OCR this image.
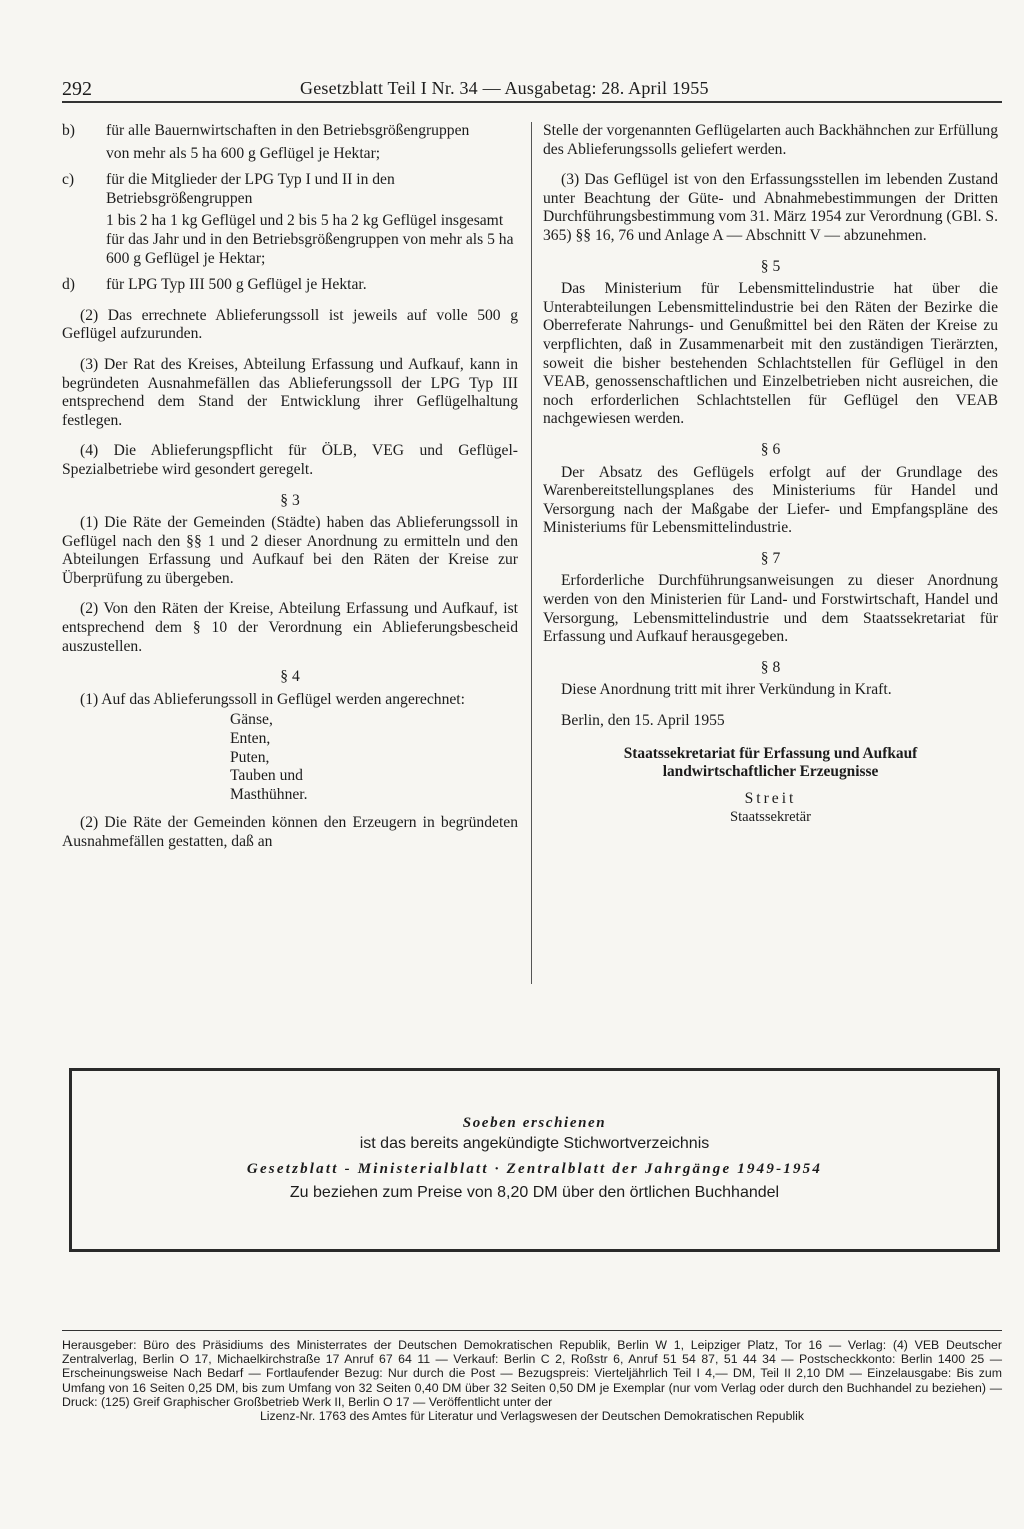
292	Gesetzblatt Teil I Nr. 34 — Ausgabetag: 28. April 1955
b)	für alle Bauernwirtschaften in den Betriebsgrößengruppen
von mehr als 5 ha 600 g Geflügel je Hektar;
c)	für die Mitglieder der LPG Typ I und II in den Betriebsgrößengruppen
1 bis 2 ha 1 kg Geflügel und 2 bis 5 ha 2 kg Geflügel insgesamt für das Jahr und in den Betriebsgrößengruppen von mehr als 5 ha 600 g Geflügel je Hektar;
d)	für LPG Typ III 500 g Geflügel je Hektar.

(2) Das errechnete Ablieferungssoll ist jeweils auf volle 500 g Geflügel aufzurunden.

(3) Der Rat des Kreises, Abteilung Erfassung und Aufkauf, kann in begründeten Ausnahmefällen das Ablieferungssoll der LPG Typ III entsprechend dem Stand der Entwicklung ihrer Geflügelhaltung festlegen.

(4) Die Ablieferungspflicht für ÖLB, VEG und Geflügel-Spezialbetriebe wird gesondert geregelt.

§ 3

(1) Die Räte der Gemeinden (Städte) haben das Ablieferungssoll in Geflügel nach den §§ 1 und 2 dieser Anordnung zu ermitteln und den Abteilungen Erfassung und Aufkauf bei den Räten der Kreise zur Überprüfung zu übergeben.

(2) Von den Räten der Kreise, Abteilung Erfassung und Aufkauf, ist entsprechend dem § 10 der Verordnung ein Ablieferungsbescheid auszustellen.

§ 4

(1) Auf das Ablieferungssoll in Geflügel werden angerechnet:

Gänse,
Enten,
Puten,
Tauben und
Masthühner.

(2) Die Räte der Gemeinden können den Erzeugern in begründeten Ausnahmefällen gestatten, daß an

Stelle der vorgenannten Geflügelarten auch Backhähnchen zur Erfüllung des Ablieferungssolls geliefert werden.

(3) Das Geflügel ist von den Erfassungsstellen im lebenden Zustand unter Beachtung der Güte- und Abnahmebestimmungen der Dritten Durchführungsbestimmung vom 31. März 1954 zur Verordnung (GBl. S. 365) §§ 16, 76 und Anlage A — Abschnitt V — abzunehmen.

§ 5

Das Ministerium für Lebensmittelindustrie hat über die Unterabteilungen Lebensmittelindustrie bei den Räten der Bezirke die Oberreferate Nahrungs- und Genußmittel bei den Räten der Kreise zu verpflichten, daß in Zusammenarbeit mit den zuständigen Tierärzten, soweit die bisher bestehenden Schlachtstellen für Geflügel in den VEAB, genossenschaftlichen und Einzelbetrieben nicht ausreichen, die noch erforderlichen Schlachtstellen für Geflügel den VEAB nachgewiesen werden.

§ 6

Der Absatz des Geflügels erfolgt auf der Grundlage des Warenbereitstellungsplanes des Ministeriums für Handel und Versorgung nach der Maßgabe der Liefer- und Empfangspläne des Ministeriums für Lebensmittelindustrie.

§ 7

Erforderliche Durchführungsanweisungen zu dieser Anordnung werden von den Ministerien für Land- und Forstwirtschaft, Handel und Versorgung, Lebensmittelindustrie und dem Staatssekretariat für Erfassung und Aufkauf herausgegeben.

§ 8

Diese Anordnung tritt mit ihrer Verkündung in Kraft.

Berlin, den 15. April 1955

Staatssekretariat für Erfassung und Aufkauf
landwirtschaftlicher Erzeugnisse
Streit
Staatssekretär
Soeben erschienen
ist das bereits angekündigte Stichwortverzeichnis
Gesetzblatt - Ministerialblatt · Zentralblatt der Jahrgänge 1949-1954
Zu beziehen zum Preise von 8,20 DM über den örtlichen Buchhandel
Herausgeber: Büro des Präsidiums des Ministerrates der Deutschen Demokratischen Republik, Berlin W 1, Leipziger Platz, Tor 16 — Verlag: (4) VEB Deutscher Zentralverlag, Berlin O 17, Michaelkirchstraße 17 Anruf 67 64 11 — Verkauf: Berlin C 2, Roßstr 6, Anruf 51 54 87, 51 44 34 — Postscheckkonto: Berlin 1400 25 — Erscheinungsweise Nach Bedarf — Fortlaufender Bezug: Nur durch die Post — Bezugspreis: Vierteljährlich Teil I 4,— DM, Teil II 2,10 DM — Einzelausgabe: Bis zum Umfang von 16 Seiten 0,25 DM, bis zum Umfang von 32 Seiten 0,40 DM über 32 Seiten 0,50 DM je Exemplar (nur vom Verlag oder durch den Buchhandel zu beziehen) — Druck: (125) Greif Graphischer Großbetrieb Werk II, Berlin O 17 — Veröffentlicht unter der
Lizenz-Nr. 1763 des Amtes für Literatur und Verlagswesen der Deutschen Demokratischen Republik
